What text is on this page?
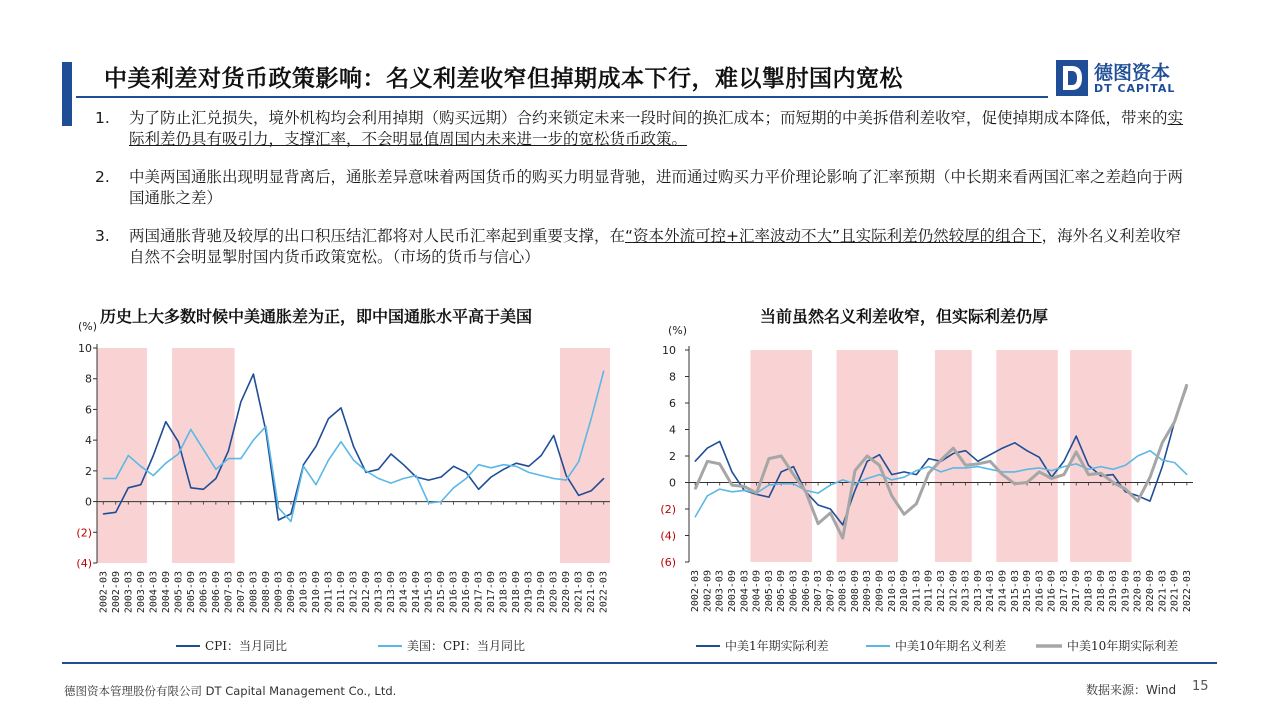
中美利差对货币政策影响：名义利差收窄但掉期成本下行，难以掣肘国内宽松
D
德图资本
DT CAPITAL
1. 为了防止汇兑损失，境外机构均会利用掉期（购买远期）合约来锁定未来一段时间的换汇成本；而短期的中美拆借利差收窄，促使掉期成本降低，带来的实际利差仍具有吸引力，支撑汇率，不会明显值周国内未来进一步的宽松货币政策。
2. 中美两国通胀出现明显背离后，通胀差异意味着两国货币的购买力明显背驰，进而通过购买力平价理论影响了汇率预期（中长期来看两国汇率之差趋向于两国通胀之差）
3. 两国通胀背驰及较厚的出口积压结汇都将对人民币汇率起到重要支撑，在“资本外流可控+汇率波动不大”且实际利差仍然较厚的组合下，海外名义利差收窄自然不会明显掣肘国内货币政策宽松。（市场的货币与信心）
历史上大多数时候中美通胀差为正，即中国通胀水平高于美国	当前虽然名义利差收窄，但实际利差仍厚
(%)
10
8
6
4
2
0
(2)
(4)
2002-03 2002-09 2003-03 2003-09 2004-03 2004-09 2005-03 2005-09 2006-03 2006-09 2007-03 2007-09 2008-03 2008-09 2009-03 2009-09 2010-03 2010-09 2011-03 2011-09 2012-03 2012-09 2013-03 2013-09 2014-03 2014-09 2015-03 2015-09 2016-03 2016-09 2017-03 2017-09 2018-03 2018-09 2019-03 2019-09 2020-03 2020-09 2021-03 2021-09 2022-03
CPI：当月同比	美国：CPI：当月同比
(%)
10
8
6
4
2
0
(2)
(4)
(6)
2002-03 2002-09 2003-03 2003-09 2004-03 2004-09 2005-03 2005-09 2006-03 2006-09 2007-03 2007-09 2008-03 2008-09 2009-03 2009-09 2010-03 2010-09 2011-03 2011-09 2012-03 2012-09 2013-03 2013-09 2014-03 2014-09 2015-03 2015-09 2016-03 2016-09 2017-03 2017-09 2018-03 2018-09 2019-03 2019-09 2020-03 2020-09 2021-03 2021-09 2022-03
中美1年期实际利差	中美10年期名义利差	中美10年期实际利差
德图资本管理股份有限公司 DT Capital Management Co., Ltd.	数据来源：Wind 15
